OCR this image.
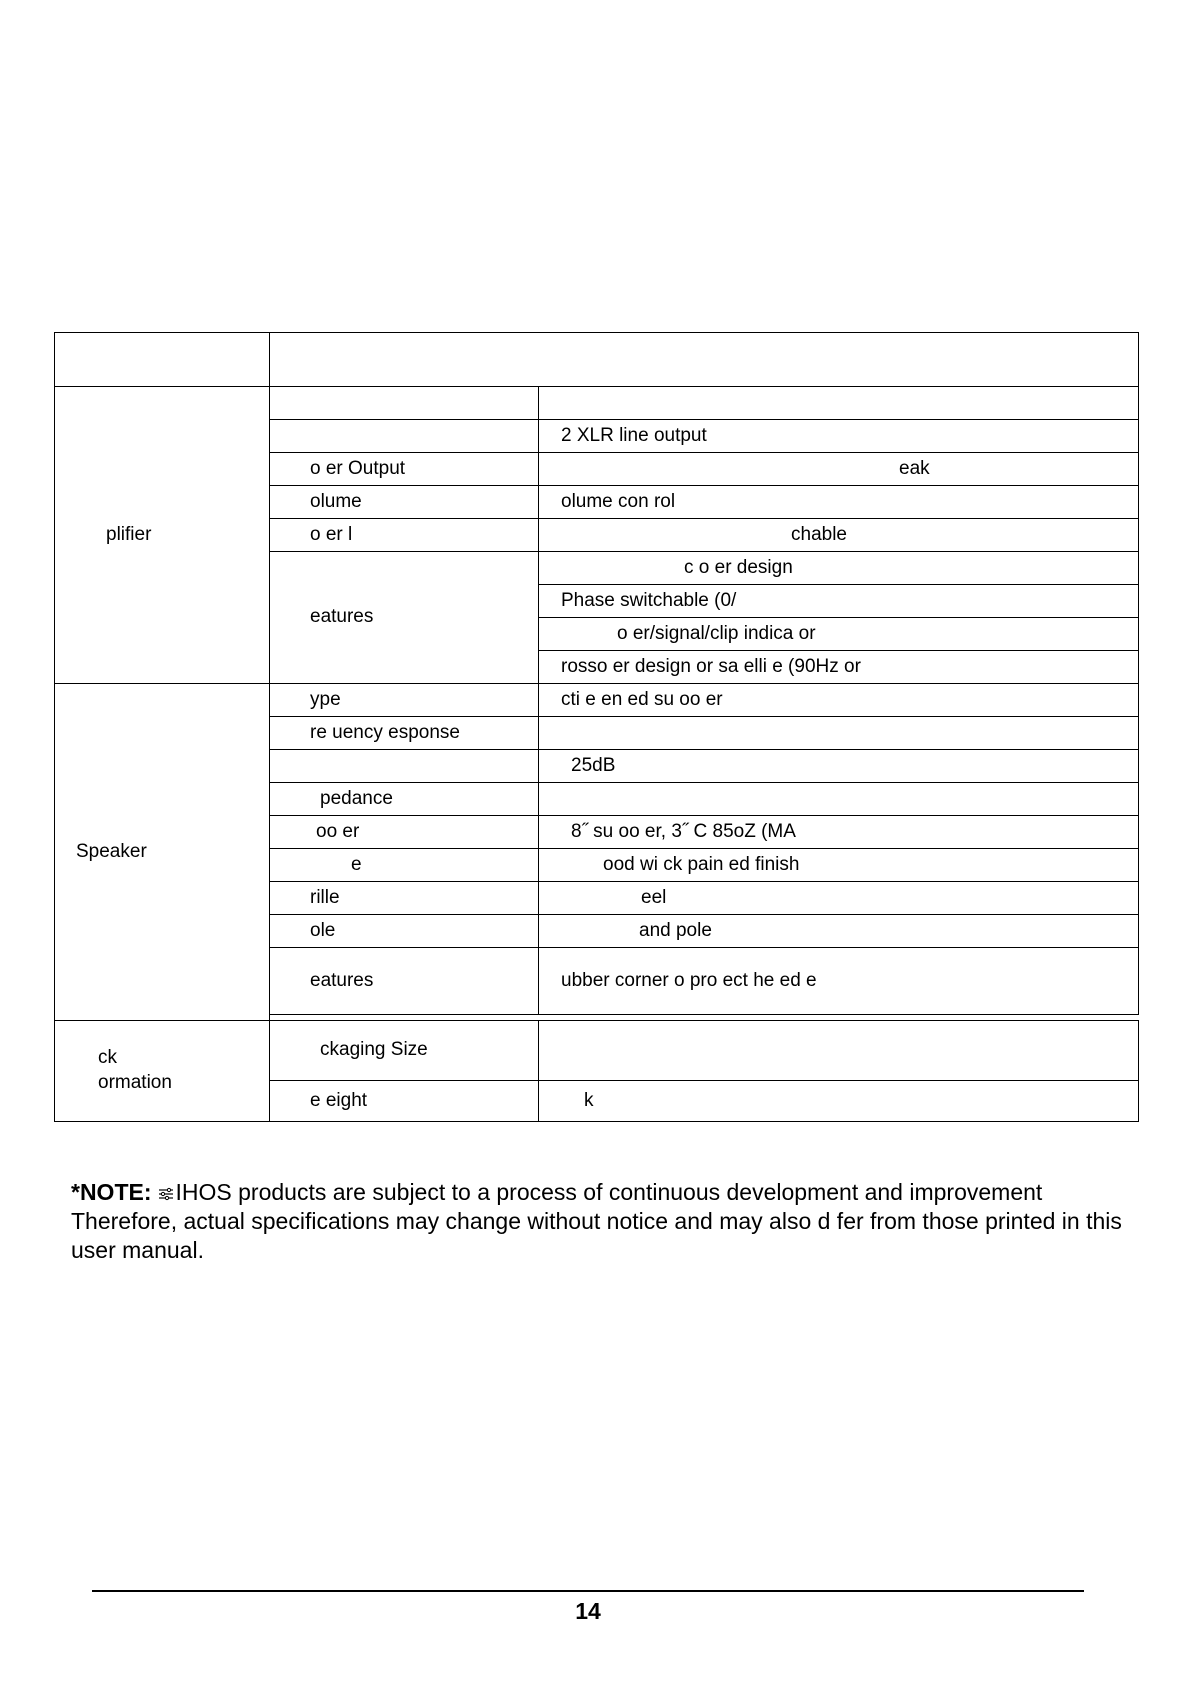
plifier		
		2 XLR line output
	o er Output	eak
	olume	olume con rol
	o er l	chable
	eatures	c o er design
		Phase switchable (0/
		o er/signal/clip indica or
		rosso er design or sa elli e (90Hz or
Speaker	ype	cti e en ed su oo er
	re uency esponse	
		25dB
	pedance	
	oo er	8˝ su oo er, 3˝ C 85oZ (MA
	e	ood wi ck pain ed finish
	rille	eel
	ole	and pole
	eatures	ubber corner o pro ect he ed e

ck
ormation	ckaging Size	
	e eight	k
*NOTE: IHOS products are subject to a process of continuous development and improvement Therefore, actual specifications may change without notice and may also d fer from those printed in this user manual.
14
